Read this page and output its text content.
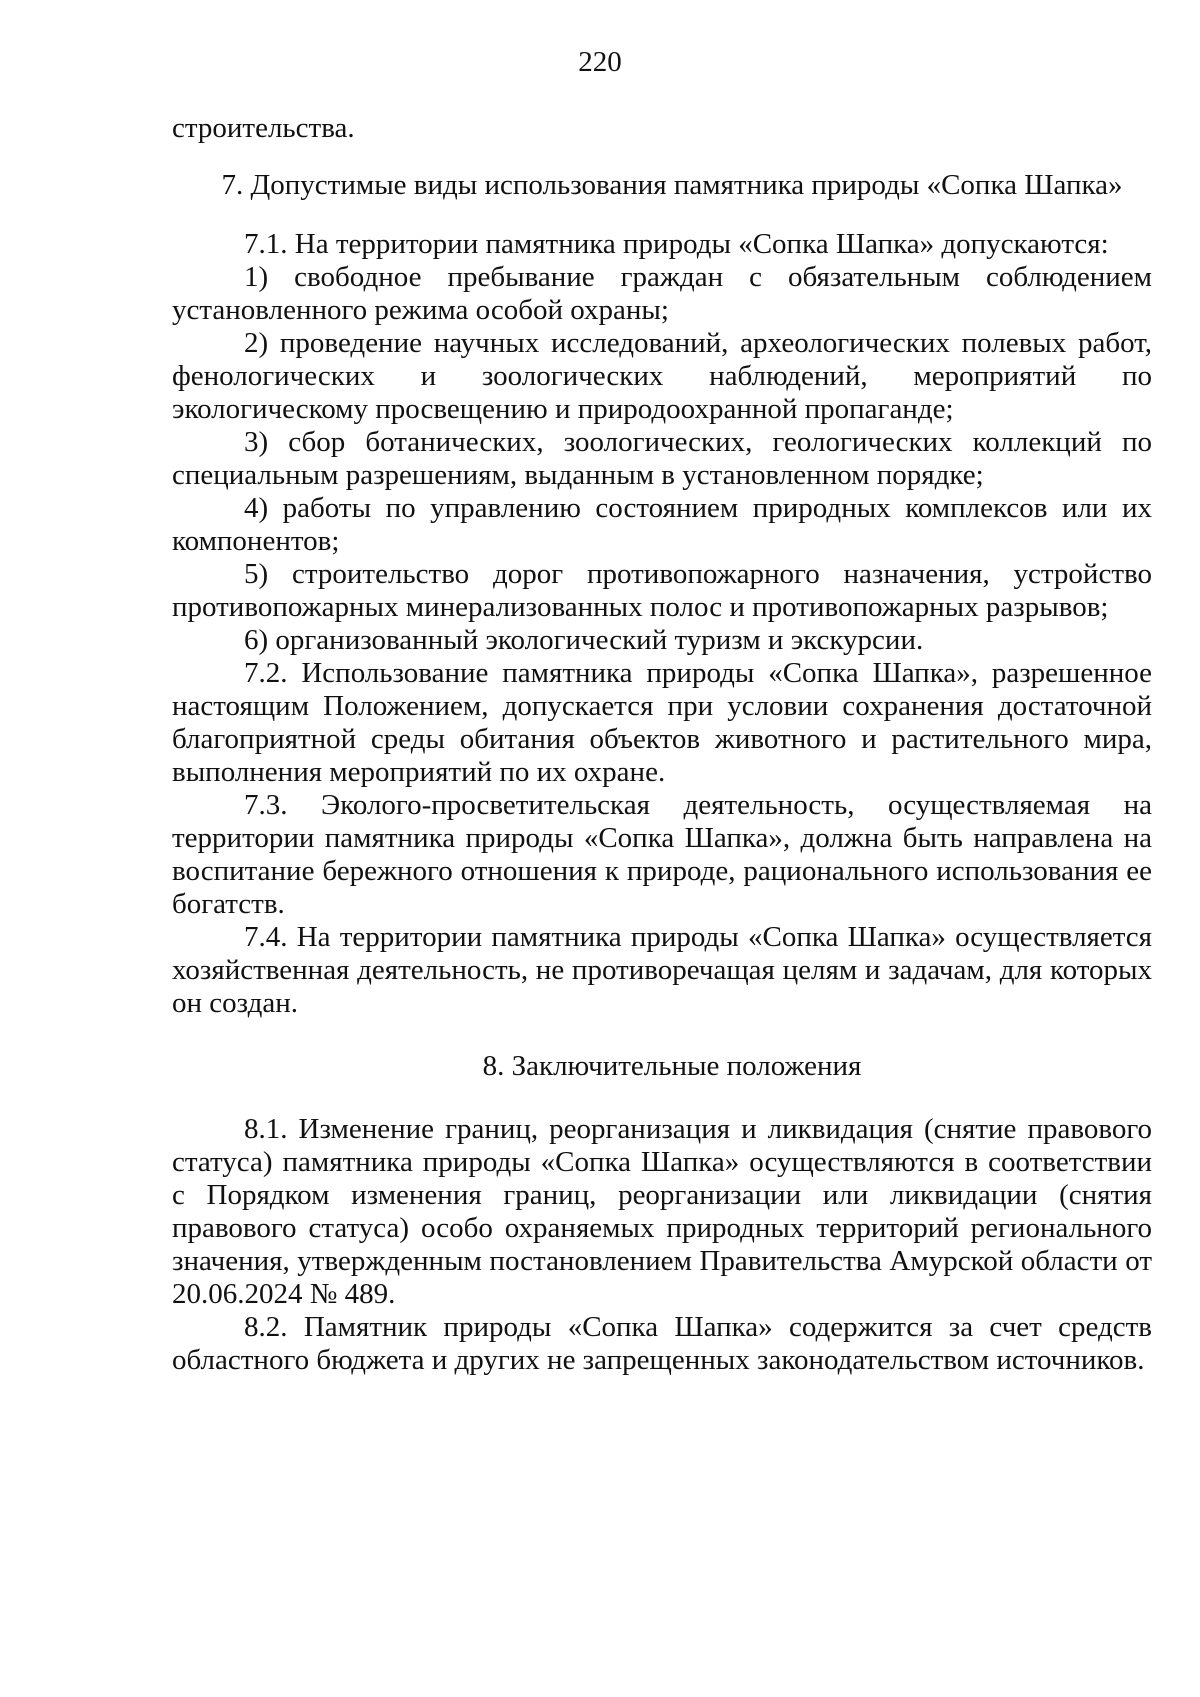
220

строительства.

7. Допустимые виды использования памятника природы «Сопка Шапка»

7.1. На территории памятника природы «Сопка Шапка» допускаются:

1) свободное пребывание граждан с обязательным соблюдением установленного режима особой охраны;

2) проведение научных исследований, археологических полевых работ, фенологических и зоологических наблюдений, мероприятий по экологическому просвещению и природоохранной пропаганде;

3) сбор ботанических, зоологических, геологических коллекций по специальным разрешениям, выданным в установленном порядке;

4) работы по управлению состоянием природных комплексов или их компонентов;

5) строительство дорог противопожарного назначения, устройство противопожарных минерализованных полос и противопожарных разрывов;

6) организованный экологический туризм и экскурсии.

7.2. Использование памятника природы «Сопка Шапка», разрешенное настоящим Положением, допускается при условии сохранения достаточной благоприятной среды обитания объектов животного и растительного мира, выполнения мероприятий по их охране.

7.3. Эколого-просветительская деятельность, осуществляемая на территории памятника природы «Сопка Шапка», должна быть направлена на воспитание бережного отношения к природе, рационального использования ее богатств.

7.4. На территории памятника природы «Сопка Шапка» осуществляется хозяйственная деятельность, не противоречащая целям и задачам, для которых он создан.

8. Заключительные положения

8.1. Изменение границ, реорганизация и ликвидация (снятие правового статуса) памятника природы «Сопка Шапка» осуществляются в соответствии с Порядком изменения границ, реорганизации или ликвидации (снятия правового статуса) особо охраняемых природных территорий регионального значения, утвержденным постановлением Правительства Амурской области от 20.06.2024 № 489.

8.2. Памятник природы «Сопка Шапка» содержится за счет средств областного бюджета и других не запрещенных законодательством источников.
